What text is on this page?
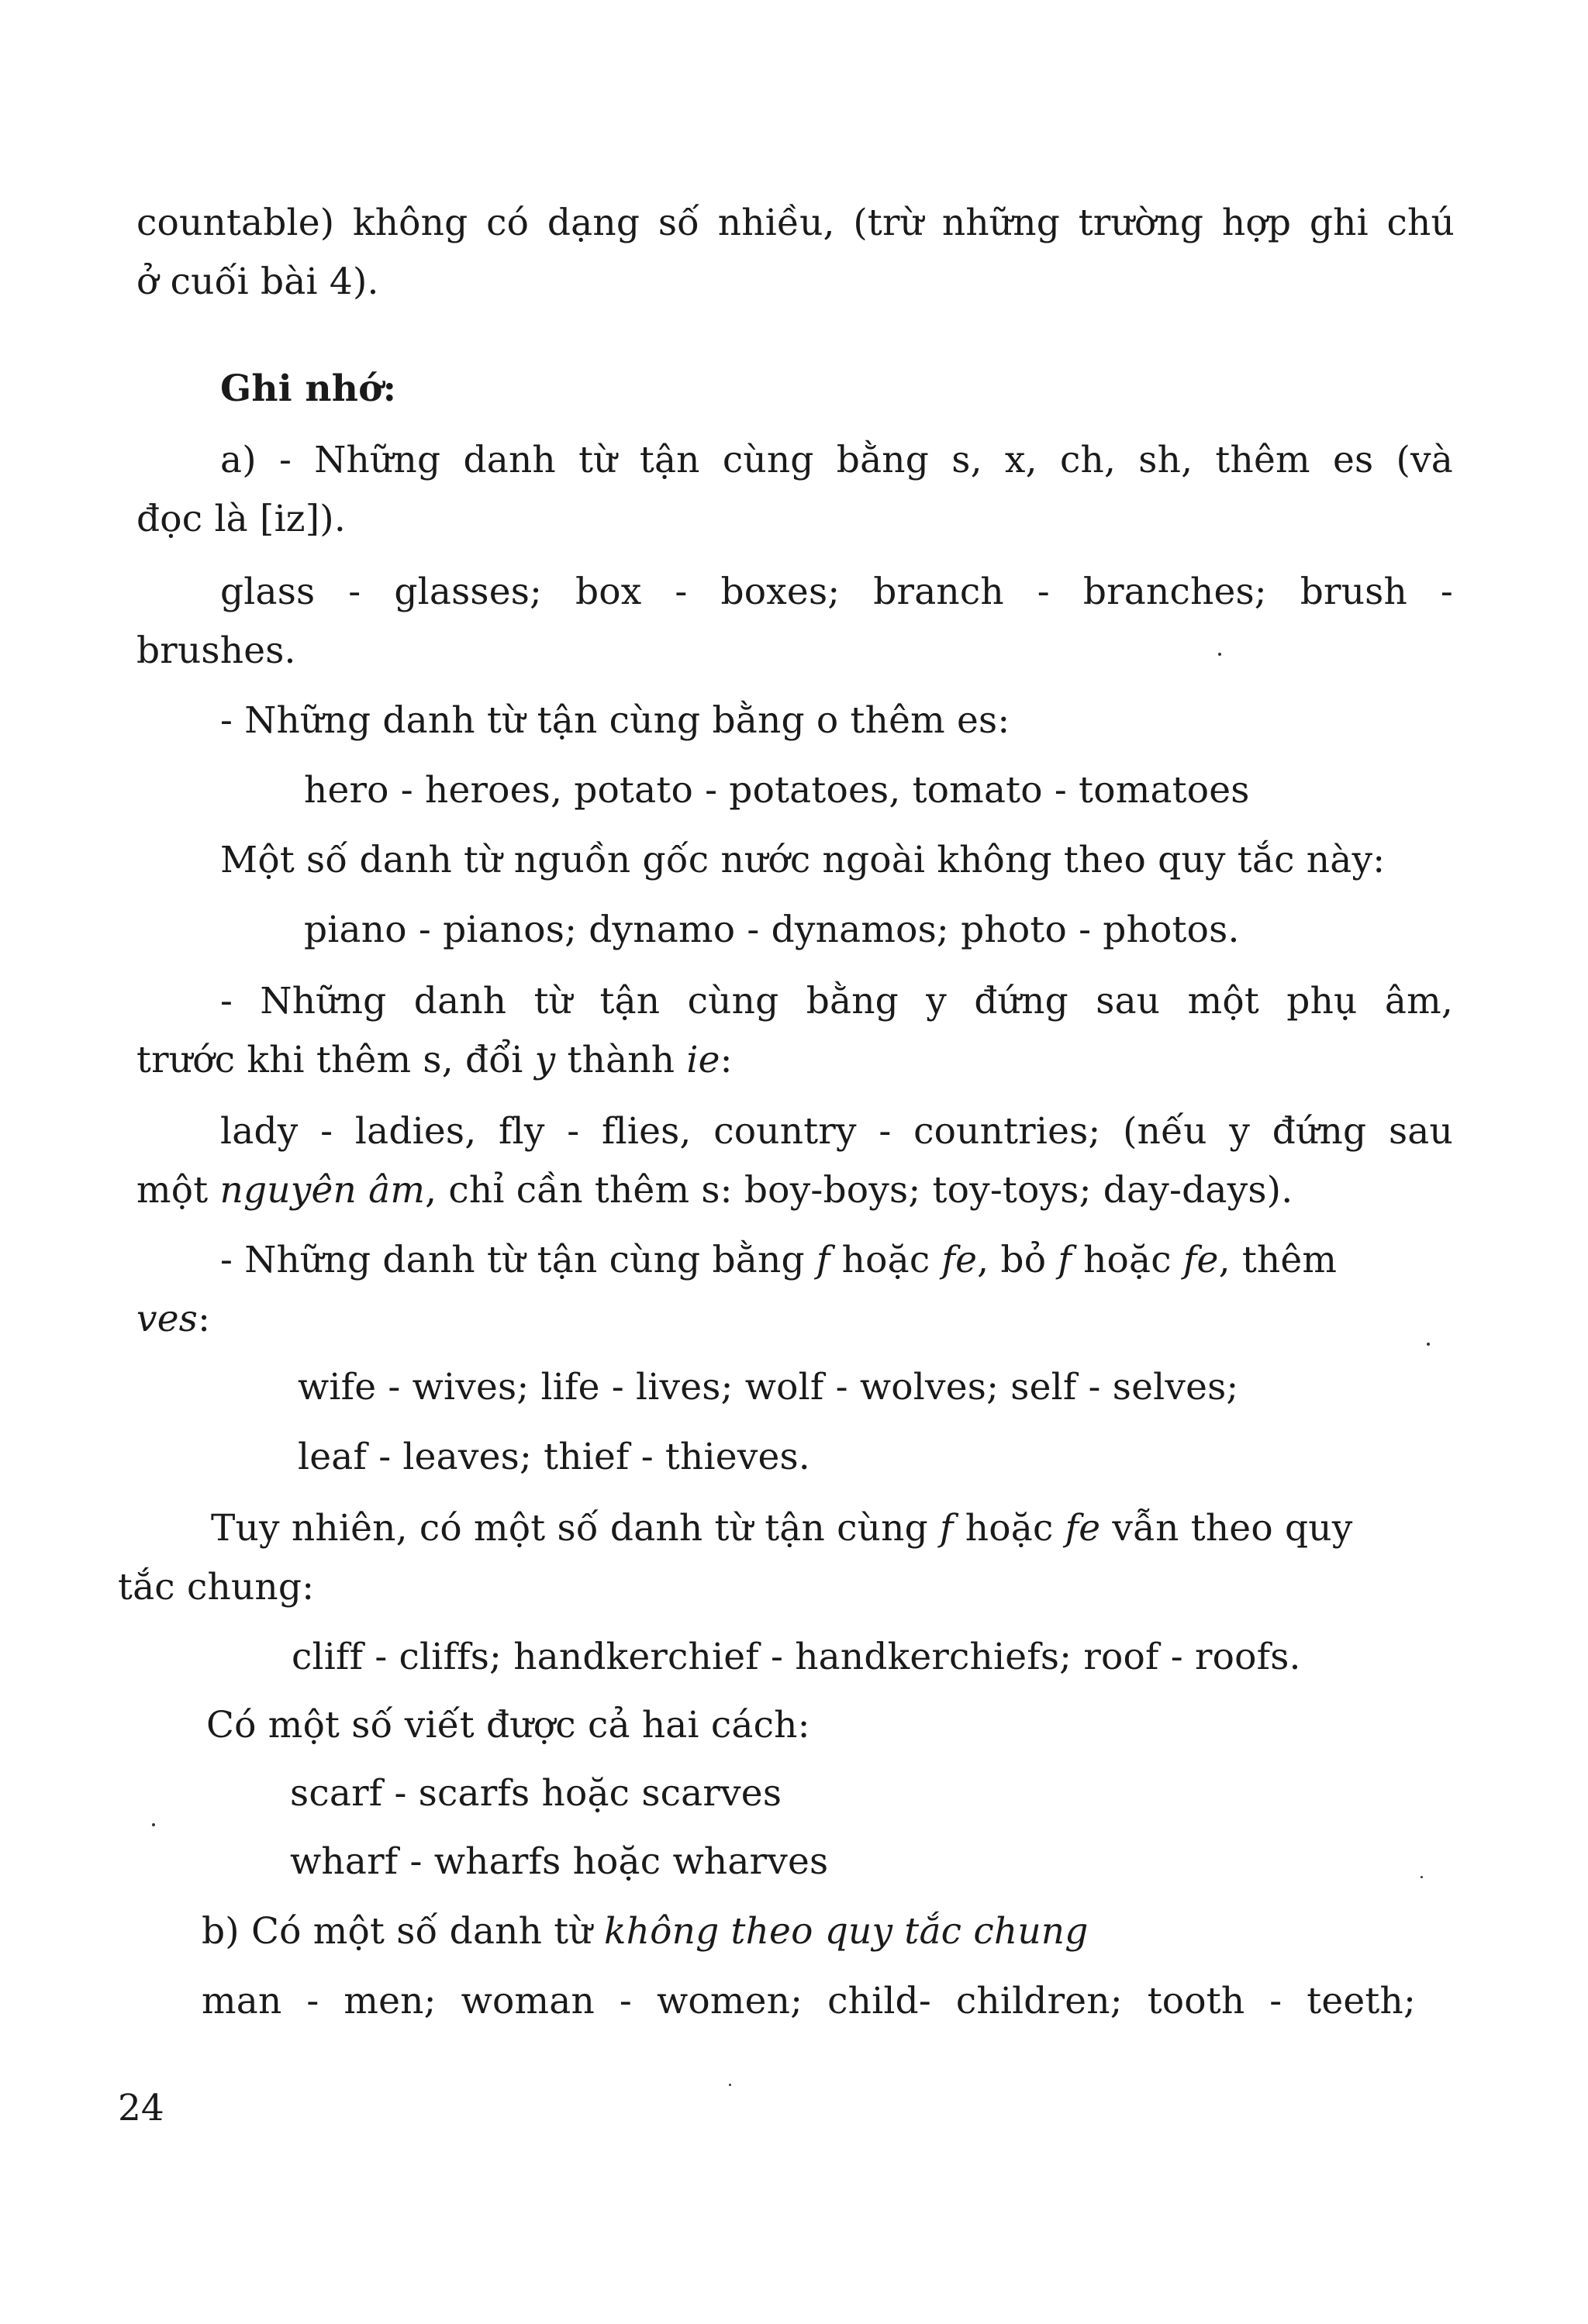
countable) không có dạng số nhiều, (trừ những trường hợp ghi chú
ở cuối bài 4).
Ghi nhớ:
a) - Những danh từ tận cùng bằng s, x, ch, sh, thêm es (và
đọc là [iz]).
glass - glasses; box - boxes; branch - branches; brush -
brushes.
- Những danh từ tận cùng bằng o thêm es:
hero - heroes, potato - potatoes, tomato - tomatoes
Một số danh từ nguồn gốc nước ngoài không theo quy tắc này:
piano - pianos; dynamo - dynamos; photo - photos.
- Những danh từ tận cùng bằng y đứng sau một phụ âm,
trước khi thêm s, đổi y thành ie:
lady - ladies, fly - flies, country - countries; (nếu y đứng sau
một nguyên âm, chỉ cần thêm s: boy-boys; toy-toys; day-days).
- Những danh từ tận cùng bằng f hoặc fe, bỏ f hoặc fe, thêm
ves:
wife - wives; life - lives; wolf - wolves; self - selves;
leaf - leaves; thief - thieves.
Tuy nhiên, có một số danh từ tận cùng f hoặc fe vẫn theo quy
tắc chung:
cliff - cliffs; handkerchief - handkerchiefs; roof - roofs.
Có một số viết được cả hai cách:
scarf - scarfs hoặc scarves
wharf - wharfs hoặc wharves
b) Có một số danh từ không theo quy tắc chung
man - men; woman - women; child- children; tooth - teeth;
24
